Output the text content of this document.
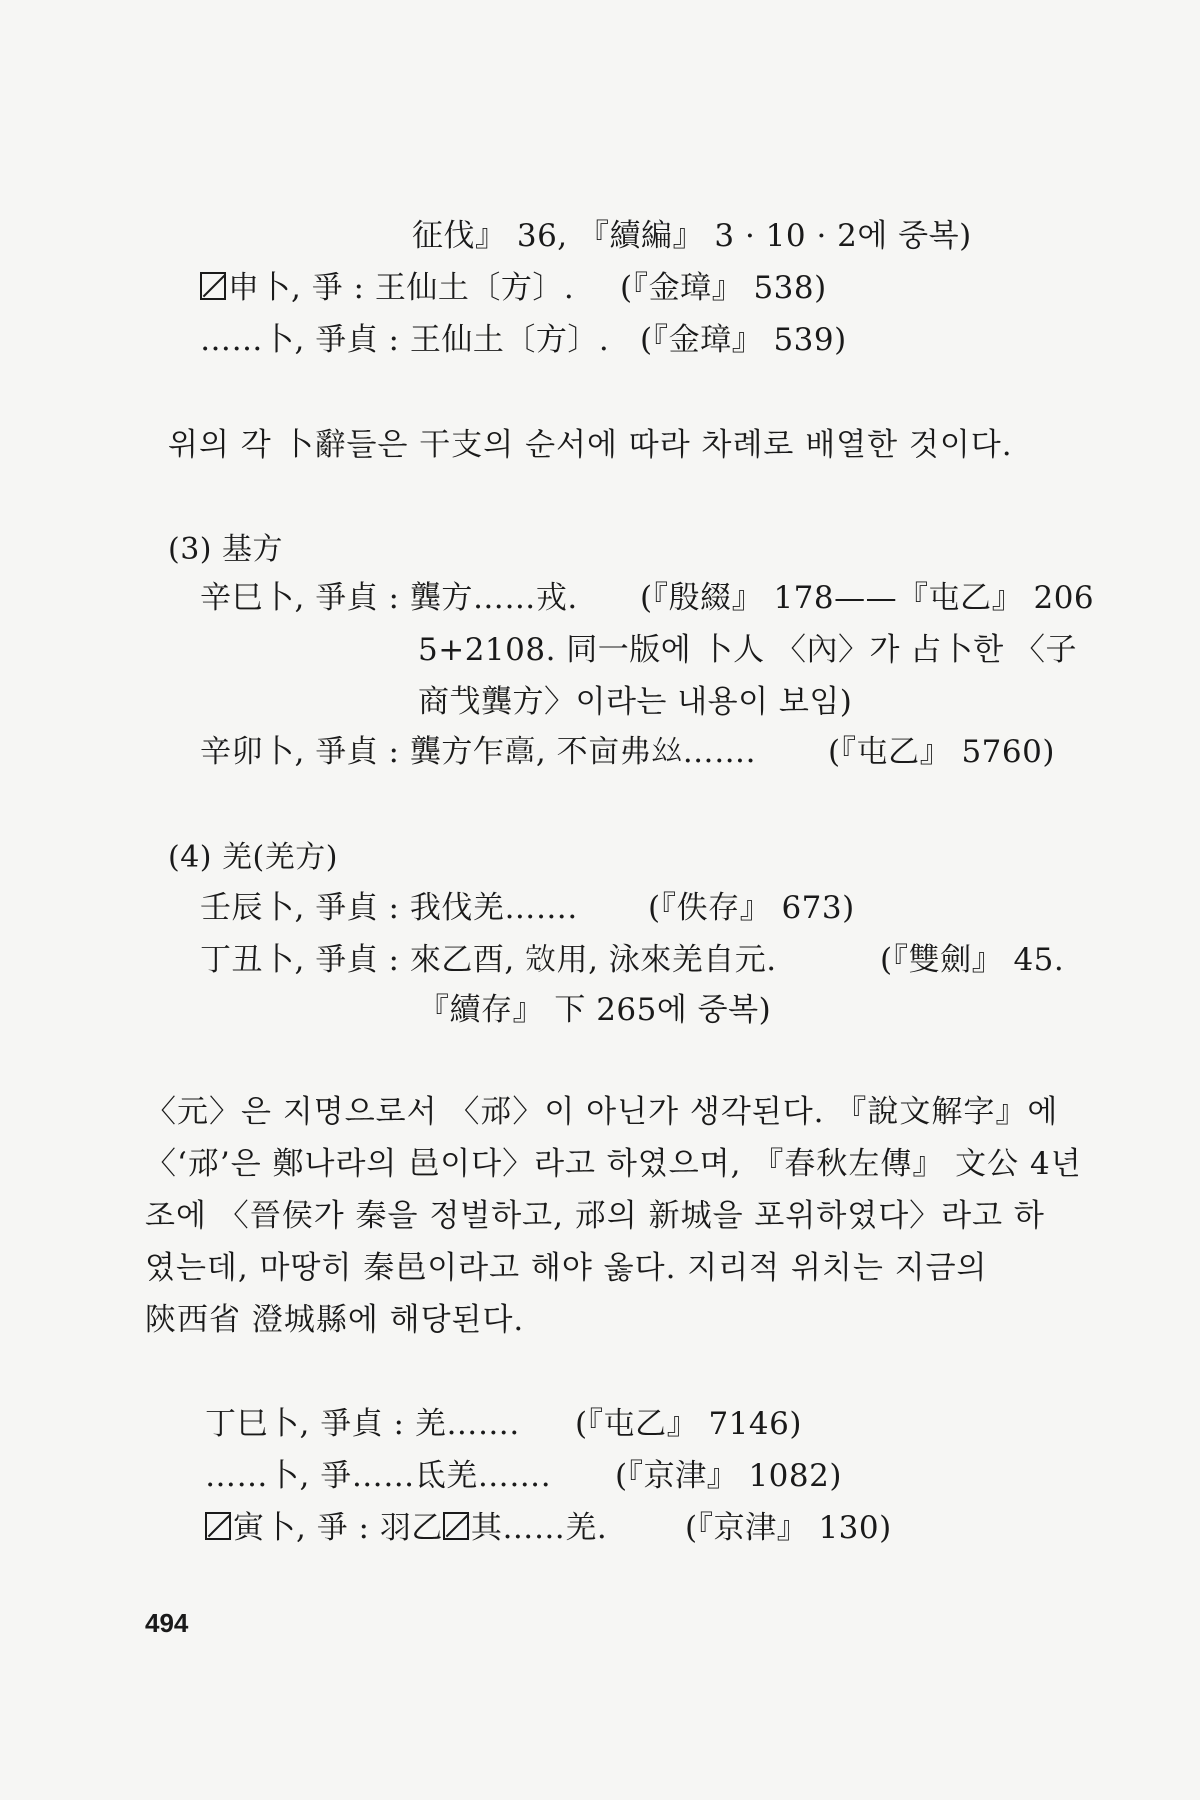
征伐』 36, 『續編』 3 · 10 · 2에 중복)
申卜, 爭 : 王仙土〔方〕. (『金璋』 538)
……卜, 爭貞 : 王仙土〔方〕. (『金璋』 539)
위의 각 卜辭들은 干支의 순서에 따라 차례로 배열한 것이다.
(3) 基方
辛巳卜, 爭貞 : 龔方……戎. (『殷綴』 178——『屯乙』 206
5+2108. 同一版에 卜人 〈內〉가 占卜한 〈子
商𢦏龔方〉이라는 내용이 보임)
辛卯卜, 爭貞 : 龔方乍𩫖, 不㐭弗𢆶……. (『屯乙』 5760)
(4) 羌(羌方)
壬辰卜, 爭貞 : 我伐羌……. (『佚存』 673)
丁丑卜, 爭貞 : 來乙酉, 𢽉用, 泳來羌自元.	(『雙劍』 45.
『續存』 下 265에 중복)
〈元〉은 지명으로서 〈邧〉이 아닌가 생각된다. 『說文解字』에
〈‘邧’은 鄭나라의 邑이다〉라고 하였으며, 『春秋左傳』 文公 4년
조에 〈晉侯가 秦을 정벌하고, 邧의 新城을 포위하였다〉라고 하
였는데, 마땅히 秦邑이라고 해야 옳다. 지리적 위치는 지금의
陝西省 澄城縣에 해당된다.
丁巳卜, 爭貞 : 羌……. (『屯乙』 7146)
……卜, 爭……氐羌……. (『京津』 1082)
寅卜, 爭 : 羽乙 其……羌.	(『京津』 130)
494
